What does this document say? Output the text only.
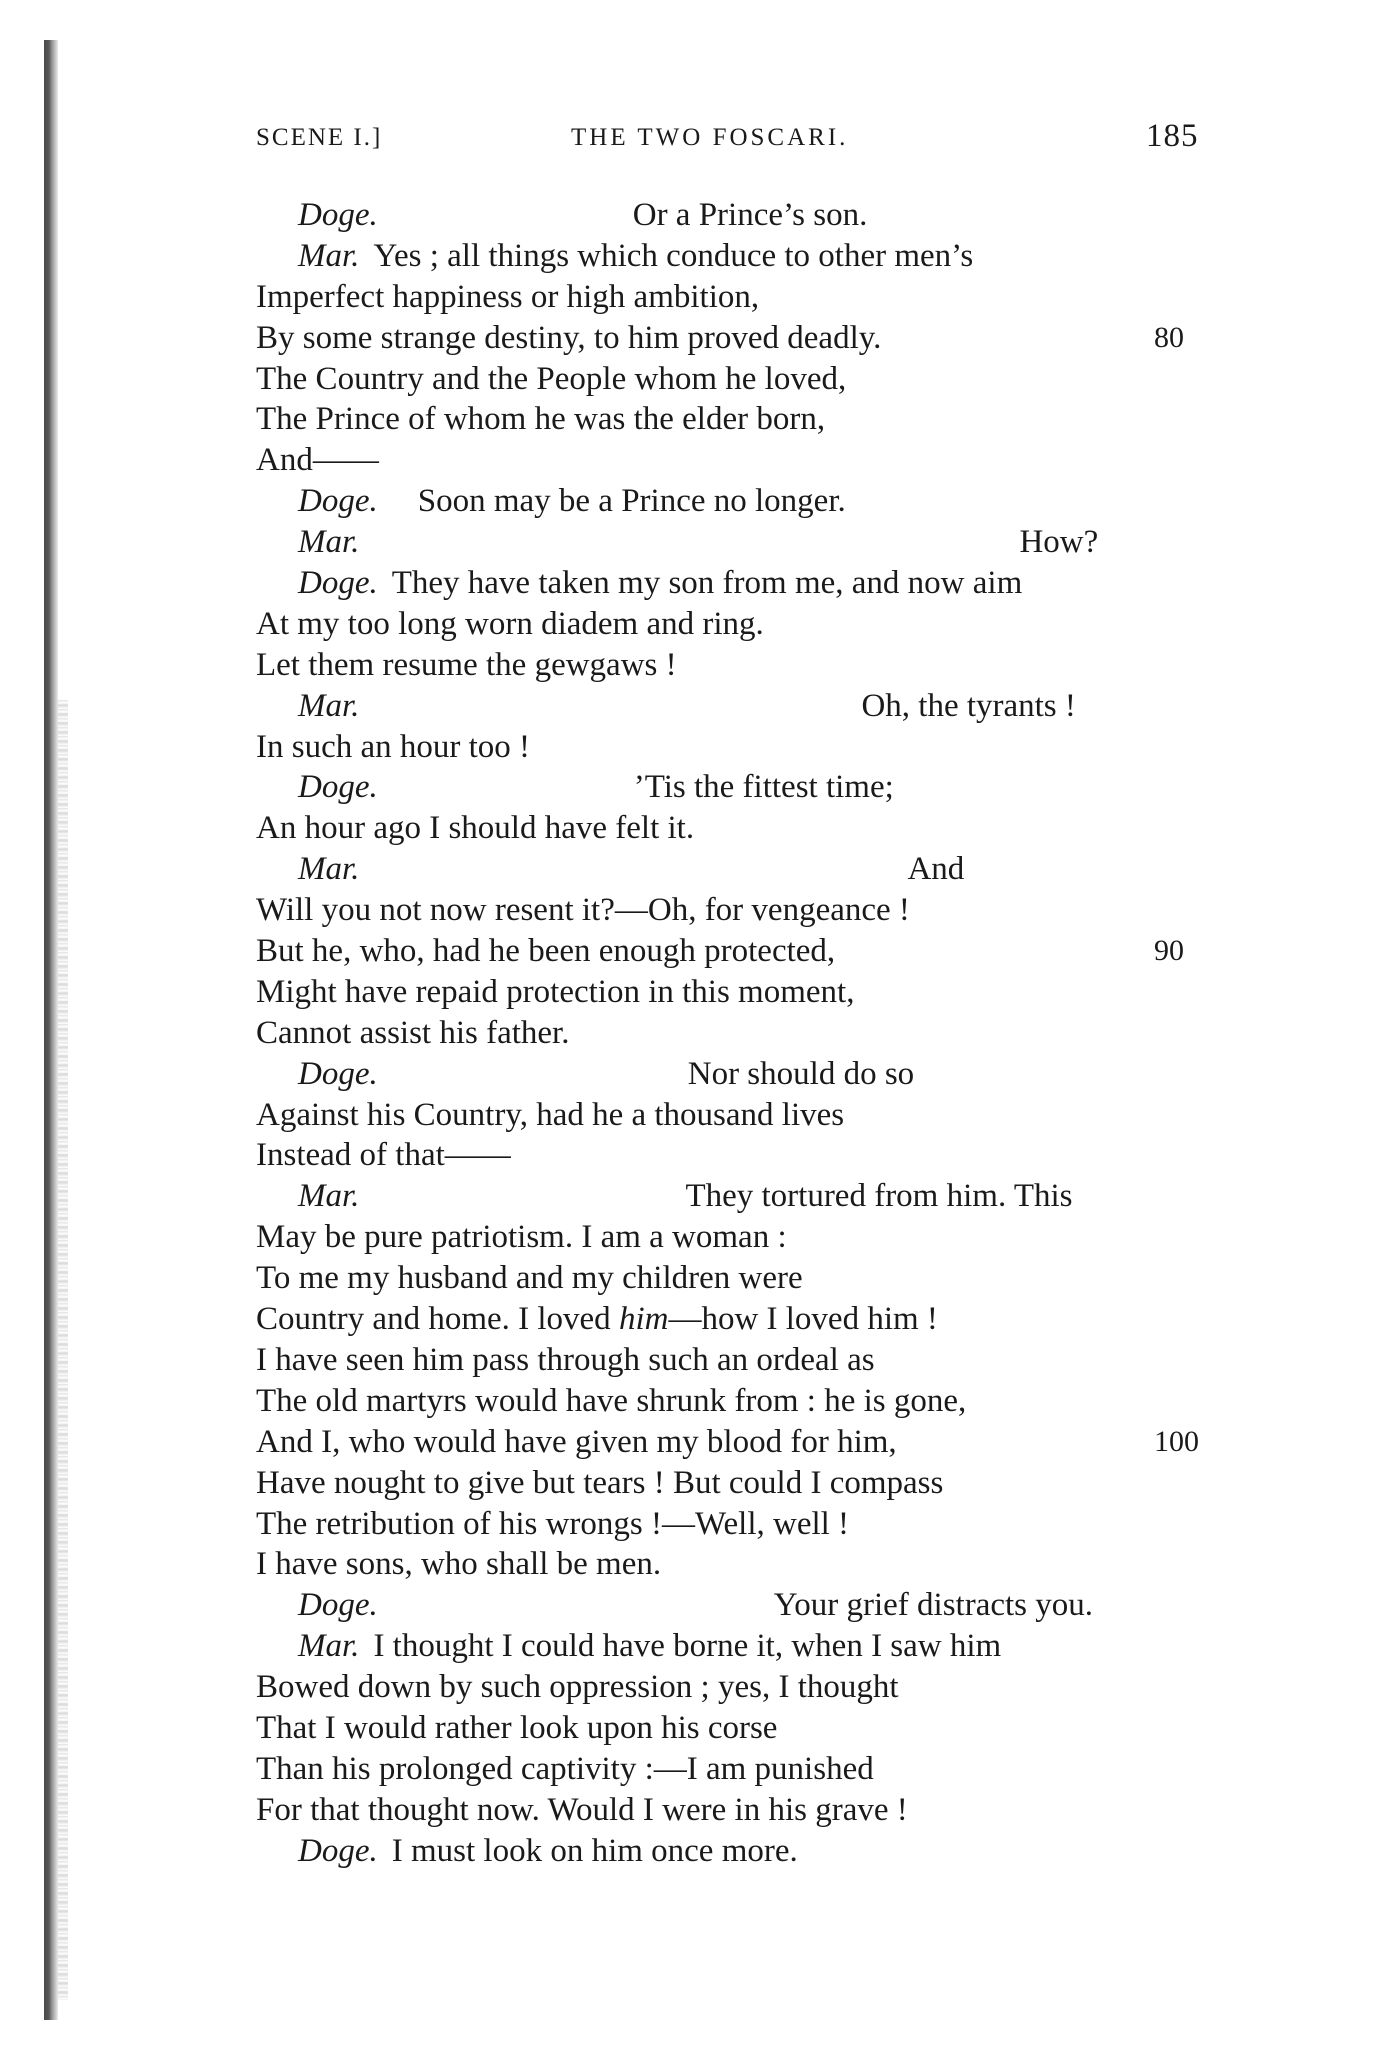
SCENE I.]	THE TWO FOSCARI.	185
Doge.	Or a Prince’s son.
Mar. Yes ; all things which conduce to other men’s
Imperfect happiness or high ambition,
By some strange destiny, to him proved deadly.	80
The Country and the People whom he loved,
The Prince of whom he was the elder born,
And——
Doge. Soon may be a Prince no longer.
Mar.	How?
Doge. They have taken my son from me, and now aim
At my too long worn diadem and ring.
Let them resume the gewgaws !
Mar.	Oh, the tyrants !
In such an hour too !
Doge.	’Tis the fittest time;
An hour ago I should have felt it.
Mar.	And
Will you not now resent it?—Oh, for vengeance !
But he, who, had he been enough protected,	90
Might have repaid protection in this moment,
Cannot assist his father.
Doge.	Nor should do so
Against his Country, had he a thousand lives
Instead of that——
Mar.	They tortured from him. This
May be pure patriotism. I am a woman :
To me my husband and my children were
Country and home. I loved him—how I loved him !
I have seen him pass through such an ordeal as
The old martyrs would have shrunk from : he is gone,
And I, who would have given my blood for him,	100
Have nought to give but tears ! But could I compass
The retribution of his wrongs !—Well, well !
I have sons, who shall be men.
Doge.	Your grief distracts you.
Mar. I thought I could have borne it, when I saw him
Bowed down by such oppression ; yes, I thought
That I would rather look upon his corse
Than his prolonged captivity :—I am punished
For that thought now. Would I were in his grave !
Doge. I must look on him once more.
